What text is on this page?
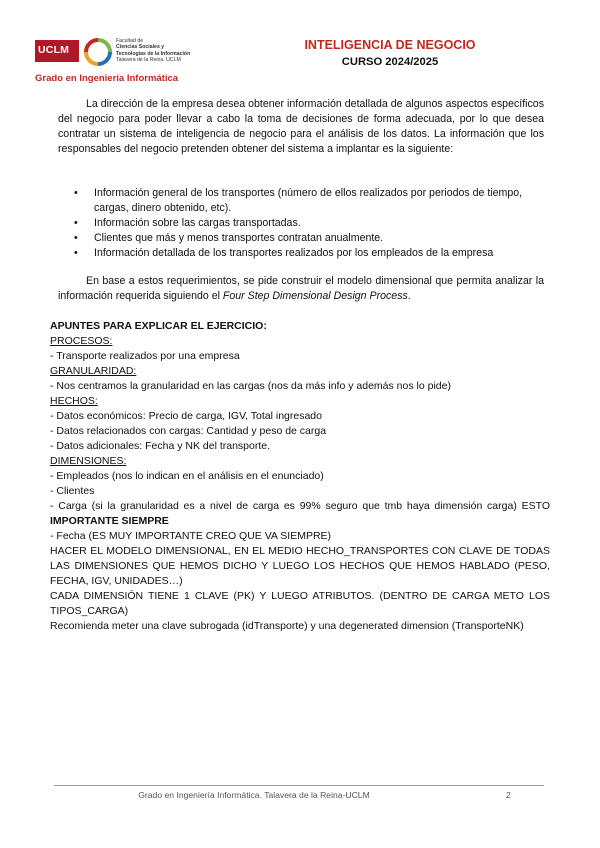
UCLM
Facultad de
Ciencias Sociales y
Tecnologías de la Información
Talavera de la Reina. UCLM
Grado en Ingeniería Informática
INTELIGENCIA DE NEGOCIO
CURSO 2024/2025
La dirección de la empresa desea obtener información detallada de algunos aspectos específicos del negocio para poder llevar a cabo la toma de decisiones de forma adecuada, por lo que desea contratar un sistema de inteligencia de negocio para el análisis de los datos. La información que los responsables del negocio pretenden obtener del sistema a implantar es la siguiente:
• Información general de los transportes (número de ellos realizados por periodos de tiempo, cargas, dinero obtenido, etc).
• Información sobre las cargas transportadas.
• Clientes que más y menos transportes contratan anualmente.
• Información detallada de los transportes realizados por los empleados de la empresa
En base a estos requerimientos, se pide construir el modelo dimensional que permita analizar la información requerida siguiendo el Four Step Dimensional Design Process.
APUNTES PARA EXPLICAR EL EJERCICIO:
PROCESOS:
- Transporte realizados por una empresa
GRANULARIDAD:
- Nos centramos la granularidad en las cargas (nos da más info y además nos lo pide)
HECHOS:
- Datos económicos: Precio de carga, IGV, Total ingresado
- Datos relacionados con cargas: Cantidad y peso de carga
- Datos adicionales: Fecha y NK del transporte.
DIMENSIONES:
- Empleados (nos lo indican en el análisis en el enunciado)
- Clientes
- Carga (si la granularidad es a nivel de carga es 99% seguro que tmb haya dimensión carga) ESTO IMPORTANTE SIEMPRE
- Fecha (ES MUY IMPORTANTE CREO QUE VA SIEMPRE)
HACER EL MODELO DIMENSIONAL, EN EL MEDIO HECHO_TRANSPORTES CON CLAVE DE TODAS LAS DIMENSIONES QUE HEMOS DICHO Y LUEGO LOS HECHOS QUE HEMOS HABLADO (PESO, FECHA, IGV, UNIDADES…)
CADA DIMENSIÓN TIENE 1 CLAVE (PK) Y LUEGO ATRIBUTOS. (DENTRO DE CARGA METO LOS TIPOS_CARGA)
Recomienda meter una clave subrogada (idTransporte) y una degenerated dimension (TransporteNK)
Grado en Ingeniería Informática. Talavera de la Reina-UCLM	2
